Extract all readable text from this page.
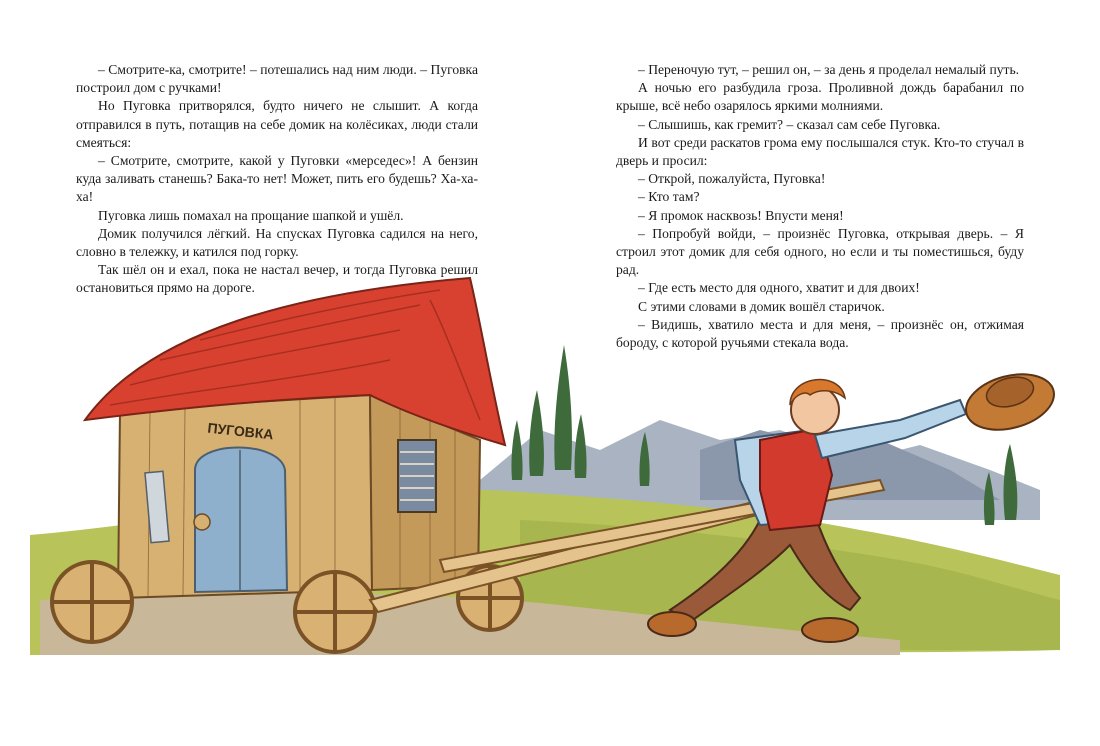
– Смотрите-ка, смотрите! – потешались над ним люди. – Пуговка построил дом с ручками!

Но Пуговка притворялся, будто ничего не слышит. А когда отправился в путь, потащив на себе домик на колёсиках, люди стали смеяться:

– Смотрите, смотрите, какой у Пуговки «мерседес»! А бензин куда заливать станешь? Бака-то нет! Может, пить его будешь? Ха-ха-ха!

Пуговка лишь помахал на прощание шапкой и ушёл.

Домик получился лёгкий. На спусках Пуговка садился на него, словно в тележку, и катился под горку.

Так шёл он и ехал, пока не настал вечер, и тогда Пуговка решил остановиться прямо на дороге.

– Переночую тут, – решил он, – за день я проделал немалый путь.

А ночью его разбудила гроза. Проливной дождь барабанил по крыше, всё небо озарялось яркими молниями.

– Слышишь, как гремит? – сказал сам себе Пуговка.

И вот среди раскатов грома ему послышался стук. Кто-то стучал в дверь и просил:

– Открой, пожалуйста, Пуговка!

– Кто там?

– Я промок насквозь! Впусти меня!

– Попробуй войди, – произнёс Пуговка, открывая дверь. – Я строил этот домик для себя одного, но если и ты поместишься, буду рад.

– Где есть место для одного, хватит и для двоих!

С этими словами в домик вошёл старичок.

– Видишь, хватило места и для меня, – произнёс он, отжимая бороду, с которой ручьями стекала вода.

ПУГОВКА
